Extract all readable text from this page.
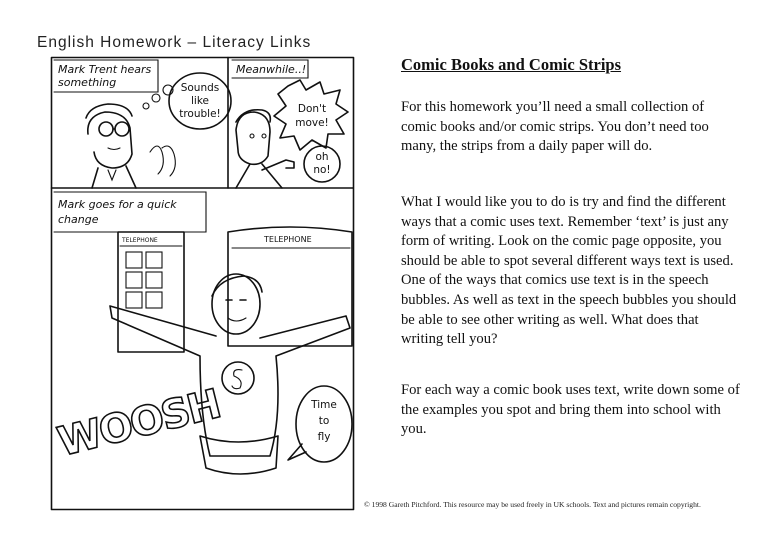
English Homework – Literacy Links
Mark Trent hears
something	Sounds
like
trouble!
Meanwhile..!
Don't
move!
oh
no!
Mark goes for a quick
change
TELEPHONE	TELEPHONE
WOOSH	Time
to
fly
Comic Books and Comic Strips

For this homework you’ll need a small collection of comic books and/or comic strips. You don’t need too many, the strips from a daily paper will do.

What I would like you to do is try and find the different ways that a comic uses text. Remember ‘text’ is just any form of writing. Look on the comic page opposite, you should be able to spot several different ways text is used. One of the ways that comics use text is in the speech bubbles. As well as text in the speech bubbles you should be able to see other writing as well. What does that writing tell you?

For each way a comic book uses text, write down some of the examples you spot and bring them into school with you.

© 1998 Gareth Pitchford. This resource may be used freely in UK schools. Text and pictures remain copyright.
